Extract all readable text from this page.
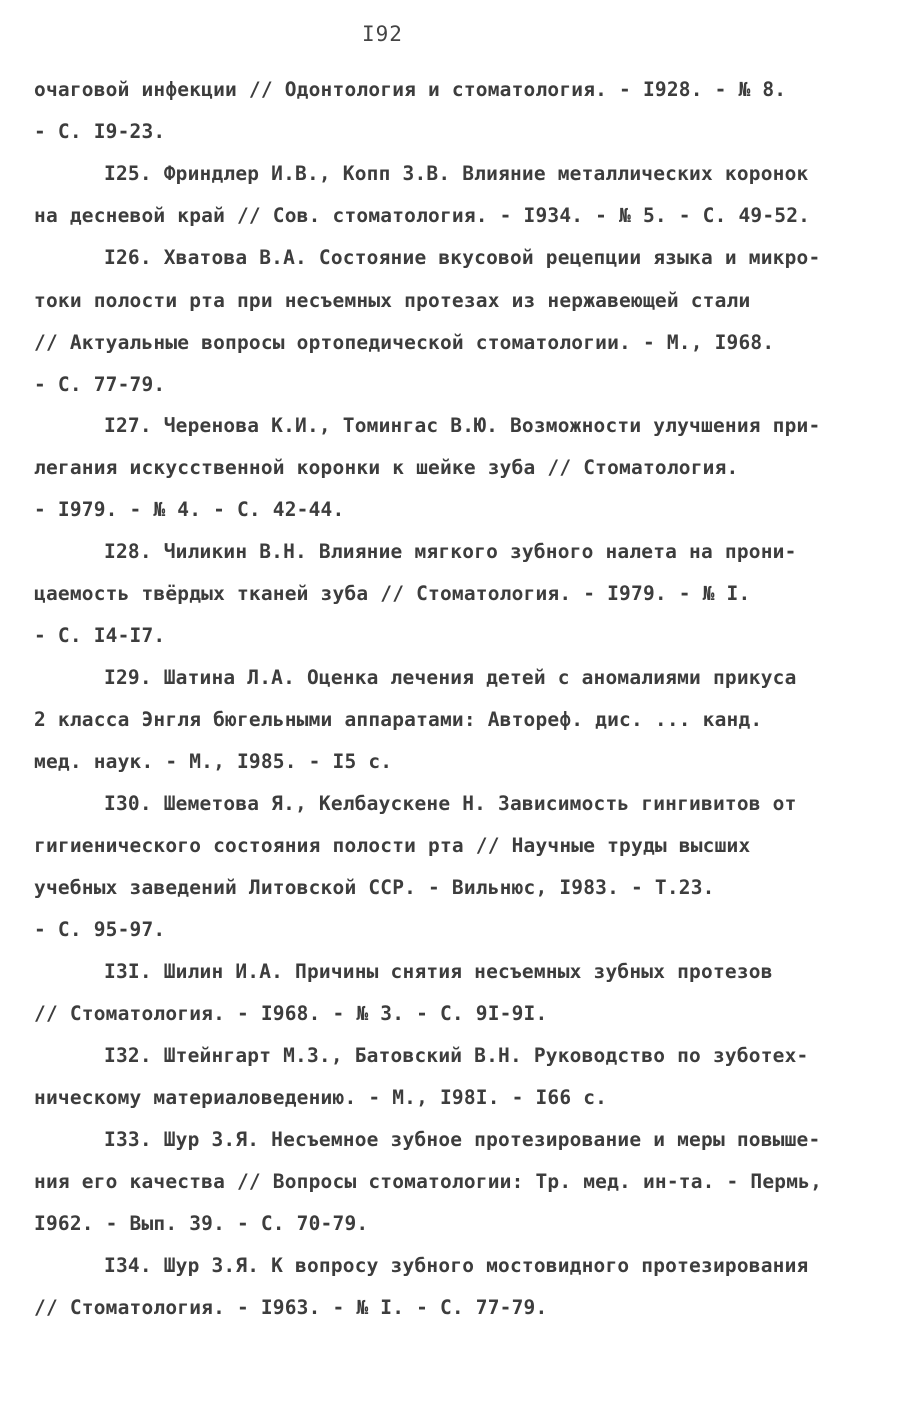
I92
очаговой инфекции // Одонтология и стоматология. - I928. - № 8.
- С. I9-23.
I25. Фриндлер И.В., Копп З.В. Влияние металлических коронок
на десневой край // Сов. стоматология. - I934. - № 5. - С. 49-52.
I26. Хватова В.А. Состояние вкусовой рецепции языка и микро-
токи полости рта при несъемных протезах из нержавеющей стали
// Актуальные вопросы ортопедической стоматологии. - М., I968.
- С. 77-79.
I27. Черенова К.И., Томингас В.Ю. Возможности улучшения при-
легания искусственной коронки к шейке зуба // Стоматология.
- I979. - № 4. - С. 42-44.
I28. Чиликин В.Н. Влияние мягкого зубного налета на прони-
цаемость твёрдых тканей зуба // Стоматология. - I979. - № I.
- С. I4-I7.
I29. Шатина Л.А. Оценка лечения детей с аномалиями прикуса
2 класса Энгля бюгельными аппаратами: Автореф. дис. ... канд.
мед. наук. - М., I985. - I5 с.
I30. Шеметова Я., Келбаускене Н. Зависимость гингивитов от
гигиенического состояния полости рта // Научные труды высших
учебных заведений Литовской ССР. - Вильнюс, I983. - Т.23.
- С. 95-97.
I3I. Шилин И.А. Причины снятия несъемных зубных протезов
// Стоматология. - I968. - № 3. - С. 9I-9I.
I32. Штейнгарт М.З., Батовский В.Н. Руководство по зуботех-
ническому материаловедению. - М., I98I. - I66 с.
I33. Шур З.Я. Несъемное зубное протезирование и меры повыше-
ния его качества // Вопросы стоматологии: Тр. мед. ин-та. - Пермь,
I962. - Вып. 39. - С. 70-79.
I34. Шур З.Я. К вопросу зубного мостовидного протезирования
// Стоматология. - I963. - № I. - С. 77-79.
